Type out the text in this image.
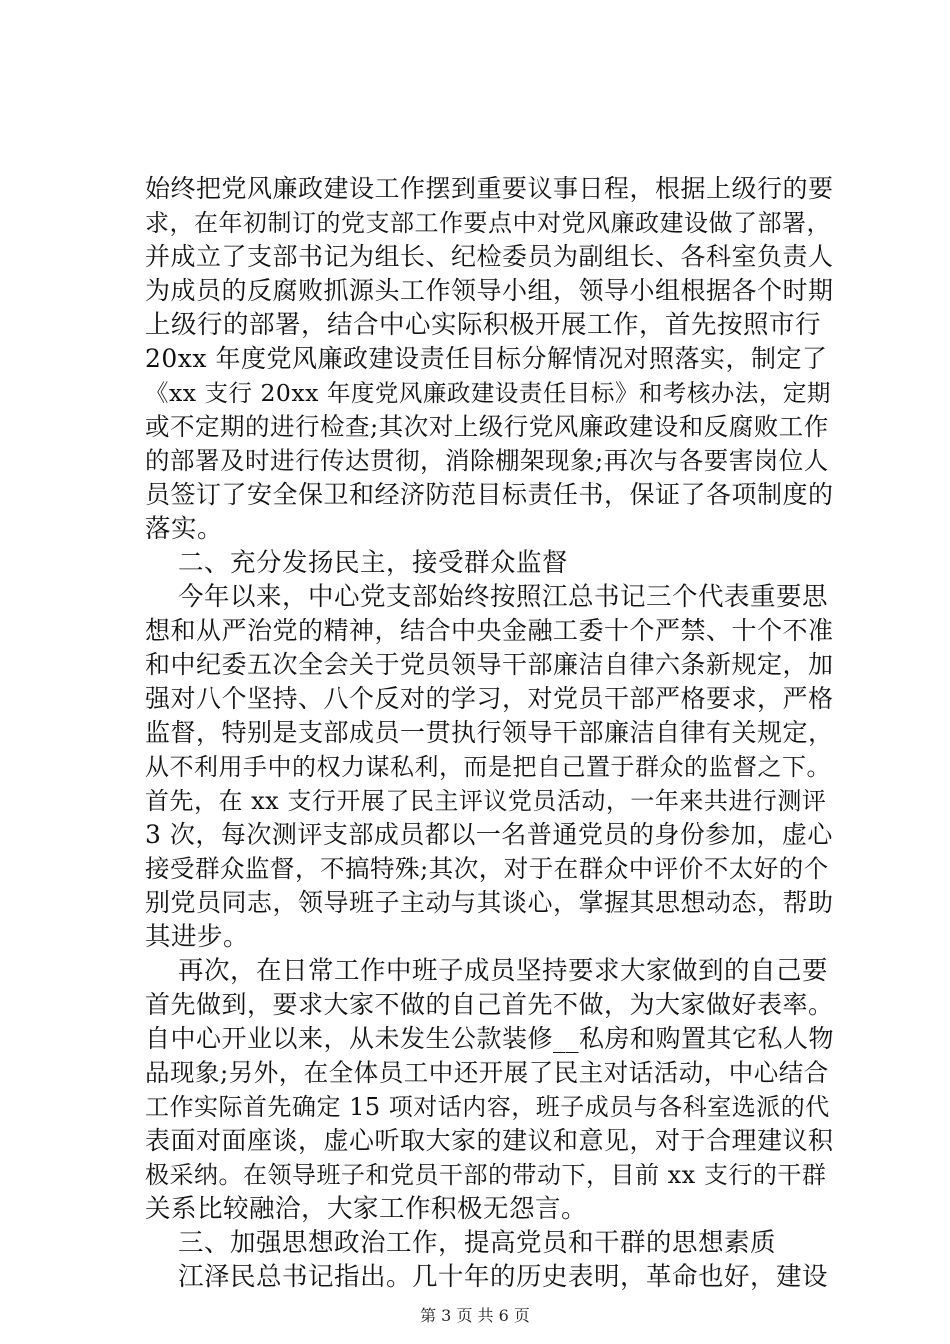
始终把党风廉政建设工作摆到重要议事日程，根据上级行的要
求，在年初制订的党支部工作要点中对党风廉政建设做了部署，
并成立了支部书记为组长、纪检委员为副组长、各科室负责人
为成员的反腐败抓源头工作领导小组，领导小组根据各个时期
上级行的部署，结合中心实际积极开展工作，首先按照市行
20xx 年度党风廉政建设责任目标分解情况对照落实，制定了
《xx 支行 20xx 年度党风廉政建设责任目标》和考核办法，定期
或不定期的进行检查;其次对上级行党风廉政建设和反腐败工作
的部署及时进行传达贯彻，消除棚架现象;再次与各要害岗位人
员签订了安全保卫和经济防范目标责任书，保证了各项制度的
落实。
二、充分发扬民主，接受群众监督
今年以来，中心党支部始终按照江总书记三个代表重要思
想和从严治党的精神，结合中央金融工委十个严禁、十个不准
和中纪委五次全会关于党员领导干部廉洁自律六条新规定，加
强对八个坚持、八个反对的学习，对党员干部严格要求，严格
监督，特别是支部成员一贯执行领导干部廉洁自律有关规定，
从不利用手中的权力谋私利，而是把自己置于群众的监督之下。
首先，在 xx 支行开展了民主评议党员活动，一年来共进行测评
3 次，每次测评支部成员都以一名普通党员的身份参加，虚心
接受群众监督，不搞特殊;其次，对于在群众中评价不太好的个
别党员同志，领导班子主动与其谈心，掌握其思想动态，帮助
其进步。
再次，在日常工作中班子成员坚持要求大家做到的自己要
首先做到，要求大家不做的自己首先不做，为大家做好表率。
自中心开业以来，从未发生公款装修__私房和购置其它私人物
品现象;另外，在全体员工中还开展了民主对话活动，中心结合
工作实际首先确定 15 项对话内容，班子成员与各科室选派的代
表面对面座谈，虚心听取大家的建议和意见，对于合理建议积
极采纳。在领导班子和党员干部的带动下，目前 xx 支行的干群
关系比较融洽，大家工作积极无怨言。
三、加强思想政治工作，提高党员和干群的思想素质
江泽民总书记指出。几十年的历史表明，革命也好，建设
第 3 页 共 6 页
